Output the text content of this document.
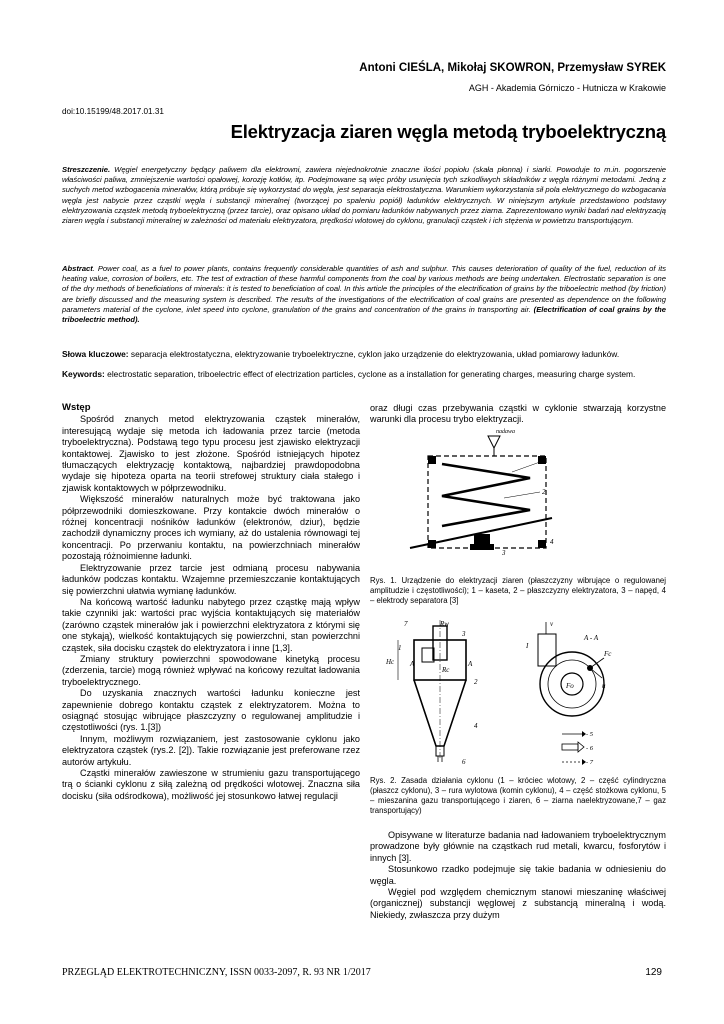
Antoni CIEŚLA, Mikołaj SKOWRON, Przemysław SYREK
AGH - Akademia Górniczo - Hutnicza w Krakowie
doi:10.15199/48.2017.01.31
Elektryzacja ziaren węgla metodą tryboelektryczną
Streszczenie. Węgiel energetyczny będący paliwem dla elektrowni, zawiera niejednokrotnie znaczne ilości popiołu (skała płonna) i siarki. Powoduje to m.in. pogorszenie właściwości paliwa, zmniejszenie wartości opałowej, korozję kotłów, itp. Podejmowane są więc próby usunięcia tych szkodliwych składników z węgla różnymi metodami. Jedną z suchych metod wzbogacenia minerałów, którą próbuje się wykorzystać do węgla, jest separacja elektrostatyczna. Warunkiem wykorzystania sił pola elektrycznego do wzbogacania węgla jest nabycie przez cząstki węgla i substancji mineralnej (tworzącej po spaleniu popiół) ładunków elektrycznych. W niniejszym artykule przedstawiono podstawy elektryzowania cząstek metodą tryboelektryczną (przez tarcie), oraz opisano układ do pomiaru ładunków nabywanych przez ziarna. Zaprezentowano wyniki badań nad elektryzacją ziaren węgla i substancji mineralnej w zależności od materiału elektryzatora, prędkości wlotowej do cyklonu, granulacji cząstek i ich stężenia w powietrzu transportującym.
Abstract. Power coal, as a fuel to power plants, contains frequently considerable quantities of ash and sulphur. This causes deterioration of quality of the fuel, reduction of its heating value, corrosion of boilers, etc. The test of extraction of these harmful components from the coal by various methods are being undertaken. Electrostatic separation is one of the dry methods of beneficiations of minerals: it is tested to beneficiation of coal. In this article the principles of the electrification of grains by the triboelectric method (by friction) are briefly discussed and the measuring system is described. The results of the investigations of the electrification of coal grains are presented as dependence on the following parameters material of the cyclone, inlet speed into cyclone, granulation of the grains and concentration of the grains in transporting air. (Electrification of coal grains by the triboelectric method).
Słowa kluczowe: separacja elektrostatyczna, elektryzowanie tryboelektryczne, cyklon jako urządzenie do elektryzowania, układ pomiarowy ładunków.
Keywords: electrostatic separation, triboelectric effect of electrization particles, cyclone as a installation for generating charges, measuring charge system.
Wstęp

Spośród znanych metod elektryzowania cząstek minerałów, interesującą wydaje się metoda ich ładowania przez tarcie (metoda tryboelektryczna). Podstawą tego typu procesu jest zjawisko elektryzacji kontaktowej. Zjawisko to jest złożone. Spośród istniejących hipotez tłumaczących elektryzację kontaktową, najbardziej prawdopodobna wydaje się hipoteza oparta na teorii strefowej struktury ciała stałego i zjawisk kontaktowych w półprzewodniku.

Większość minerałów naturalnych może być traktowana jako półprzewodniki domieszkowane. Przy kontakcie dwóch minerałów o różnej koncentracji nośników ładunków (elektronów, dziur), będzie zachodził dynamiczny proces ich wymiany, aż do ustalenia równowagi tej koncentracji. Po przerwaniu kontaktu, na powierzchniach minerałów pozostają różnoimienne ładunki.

Elektryzowanie przez tarcie jest odmianą procesu nabywania ładunków podczas kontaktu. Wzajemne przemieszczanie kontaktujących się powierzchni ułatwia wymianę ładunków.

Na końcową wartość ładunku nabytego przez cząstkę mają wpływ takie czynniki jak: wartości prac wyjścia kontaktujących się materiałów (zarówno cząstek minerałów jak i powierzchni elektryzatora z którymi się one stykają), wielkość kontaktujących się powierzchni, stan powierzchni cząstek, siła docisku cząstek do elektryzatora i inne [1,3].

Zmiany struktury powierzchni spowodowane kinetyką procesu (zderzenia, tarcie) mogą również wpływać na końcowy rezultat ładowania tryboelektrycznego.

Do uzyskania znacznych wartości ładunku konieczne jest zapewnienie dobrego kontaktu cząstek z elektryzatorem. Można to osiągnąć stosując wibrujące płaszczyzny o regulowanej amplitudzie i częstotliwości (rys. 1.[3])

Innym, możliwym rozwiązaniem, jest zastosowanie cyklonu jako elektryzatora cząstek (rys.2. [2]). Takie rozwiązanie jest preferowane rzez autorów artykułu.

Cząstki minerałów zawieszone w strumieniu gazu transportującego trą o ścianki cyklonu z siłą zależną od prędkości wlotowej. Znaczna siła docisku (siła odśrodkowa), możliwość jej stosunkowo łatwej regulacji

oraz długi czas przebywania cząstki w cyklonie stwarzają korzystne warunki dla procesu trybo elektryzacji.

nadawa
1
2
3
4
Rys. 1. Urządzenie do elektryzacji ziaren (płaszczyzny wibrujące o regulowanej amplitudzie i częstotliwości); 1 – kaseta, 2 – płaszczyzny elektryzatora, 3 – napęd, 4 – elektrody separatora [3]
7	Rw
3
1
A	A
Hc
Rc
2
4
6
v
A - A
I
Fc
Fo	u
- 5
- 6
- 7
Rys. 2. Zasada działania cyklonu (1 – króciec wlotowy, 2 – część cylindryczna (płaszcz cyklonu), 3 – rura wylotowa (komin cyklonu), 4 – część stożkowa cyklonu, 5 – mieszanina gazu transportującego i ziaren, 6 – ziarna naelektryzowane,7 – gaz transportujący)

Opisywane w literaturze badania nad ładowaniem tryboelektrycznym prowadzone były głównie na cząstkach rud metali, kwarcu, fosforytów i innych [3].

Stosunkowo rzadko podejmuje się takie badania w odniesieniu do węgla.

Węgiel pod względem chemicznym stanowi mieszaninę właściwej (organicznej) substancji węglowej z substancją mineralną i wodą. Niekiedy, zwłaszcza przy dużym

PRZEGLĄD ELEKTROTECHNICZNY, ISSN 0033-2097, R. 93 NR 1/2017	129
